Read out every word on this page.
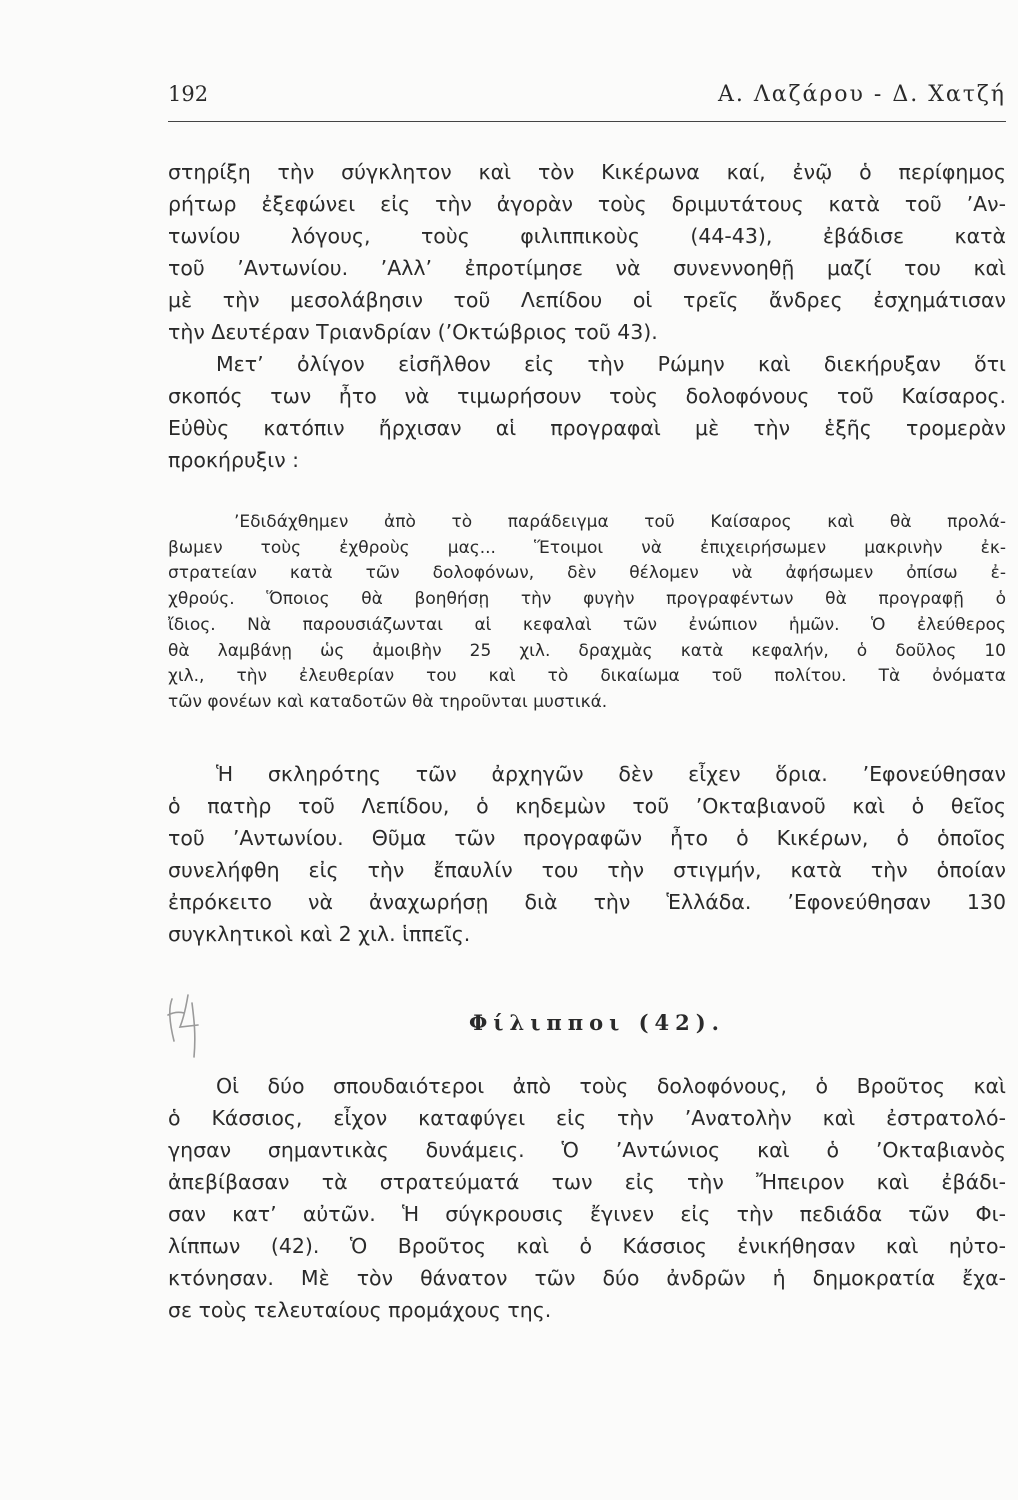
192	Α. Λαζάρου - Δ. Χατζή
στηρίξη τὴν σύγκλητον καὶ τὸν Κικέρωνα καί, ἐνῷ ὁ περίφημος
ρήτωρ ἐξεφώνει εἰς τὴν ἀγορὰν τοὺς δριμυτάτους κατὰ τοῦ ’Αν-
τωνίου λόγους, τοὺς φιλιππικοὺς (44-43), ἐβάδισε κατὰ
τοῦ ’Αντωνίου. ’Αλλ’ ἐπροτίμησε νὰ συνεννοηθῇ μαζί του καὶ
μὲ τὴν μεσολάβησιν τοῦ Λεπίδου οἱ τρεῖς ἄνδρες ἐσχημάτισαν
τὴν Δευτέραν Τριανδρίαν (’Οκτώβριος τοῦ 43).
Μετ’ ὀλίγον εἰσῆλθον εἰς τὴν Ρώμην καὶ διεκήρυξαν ὅτι
σκοπός των ἦτο νὰ τιμωρήσουν τοὺς δολοφόνους τοῦ Καίσαρος.
Εὐθὺς κατόπιν ἤρχισαν αἱ προγραφαὶ μὲ τὴν ἑξῆς τρομερὰν
προκήρυξιν :
’Εδιδάχθημεν ἀπὸ τὸ παράδειγμα τοῦ Καίσαρος καὶ θὰ προλά-
βωμεν τοὺς ἐχθροὺς μας... Ἕτοιμοι νὰ ἐπιχειρήσωμεν μακρινὴν ἐκ-
στρατείαν κατὰ τῶν δολοφόνων, δὲν θέλομεν νὰ ἀφήσωμεν ὀπίσω ἐ-
χθρούς. Ὅποιος θὰ βοηθήσῃ τὴν φυγὴν προγραφέντων θὰ προγραφῇ ὁ
ἴδιος. Νὰ παρουσιάζωνται αἱ κεφαλαὶ τῶν ἐνώπιον ἡμῶν. Ὁ ἐλεύθερος
θὰ λαμβάνῃ ὡς ἀμοιβὴν 25 χιλ. δραχμὰς κατὰ κεφαλήν, ὁ δοῦλος 10
χιλ., τὴν ἐλευθερίαν του καὶ τὸ δικαίωμα τοῦ πολίτου. Τὰ ὀνόματα
τῶν φονέων καὶ καταδοτῶν θὰ τηροῦνται μυστικά.
Ἡ σκληρότης τῶν ἀρχηγῶν δὲν εἶχεν ὅρια. ’Εφονεύθησαν
ὁ πατὴρ τοῦ Λεπίδου, ὁ κηδεμὼν τοῦ ’Οκταβιανοῦ καὶ ὁ θεῖος
τοῦ ’Αντωνίου. Θῦμα τῶν προγραφῶν ἦτο ὁ Κικέρων, ὁ ὁποῖος
συνελήφθη εἰς τὴν ἔπαυλίν του τὴν στιγμήν, κατὰ τὴν ὁποίαν
ἐπρόκειτο νὰ ἀναχωρήσῃ διὰ τὴν Ἑλλάδα. ’Εφονεύθησαν 130
συγκλητικοὶ καὶ 2 χιλ. ἱππεῖς.
Φίλιπποι (42).
Οἱ δύο σπουδαιότεροι ἀπὸ τοὺς δολοφόνους, ὁ Βροῦτος καὶ
ὁ Κάσσιος, εἶχον καταφύγει εἰς τὴν ’Ανατολὴν καὶ ἐστρατολό-
γησαν σημαντικὰς δυνάμεις. Ὁ ’Αντώνιος καὶ ὁ ’Οκταβιανὸς
ἀπεβίβασαν τὰ στρατεύματά των εἰς τὴν Ἤπειρον καὶ ἐβάδι-
σαν κατ’ αὐτῶν. Ἡ σύγκρουσις ἔγινεν εἰς τὴν πεδιάδα τῶν Φι-
λίππων (42). Ὁ Βροῦτος καὶ ὁ Κάσσιος ἐνικήθησαν καὶ ηὐτο-
κτόνησαν. Μὲ τὸν θάνατον τῶν δύο ἀνδρῶν ἡ δημοκρατία ἔχα-
σε τοὺς τελευταίους προμάχους της.
